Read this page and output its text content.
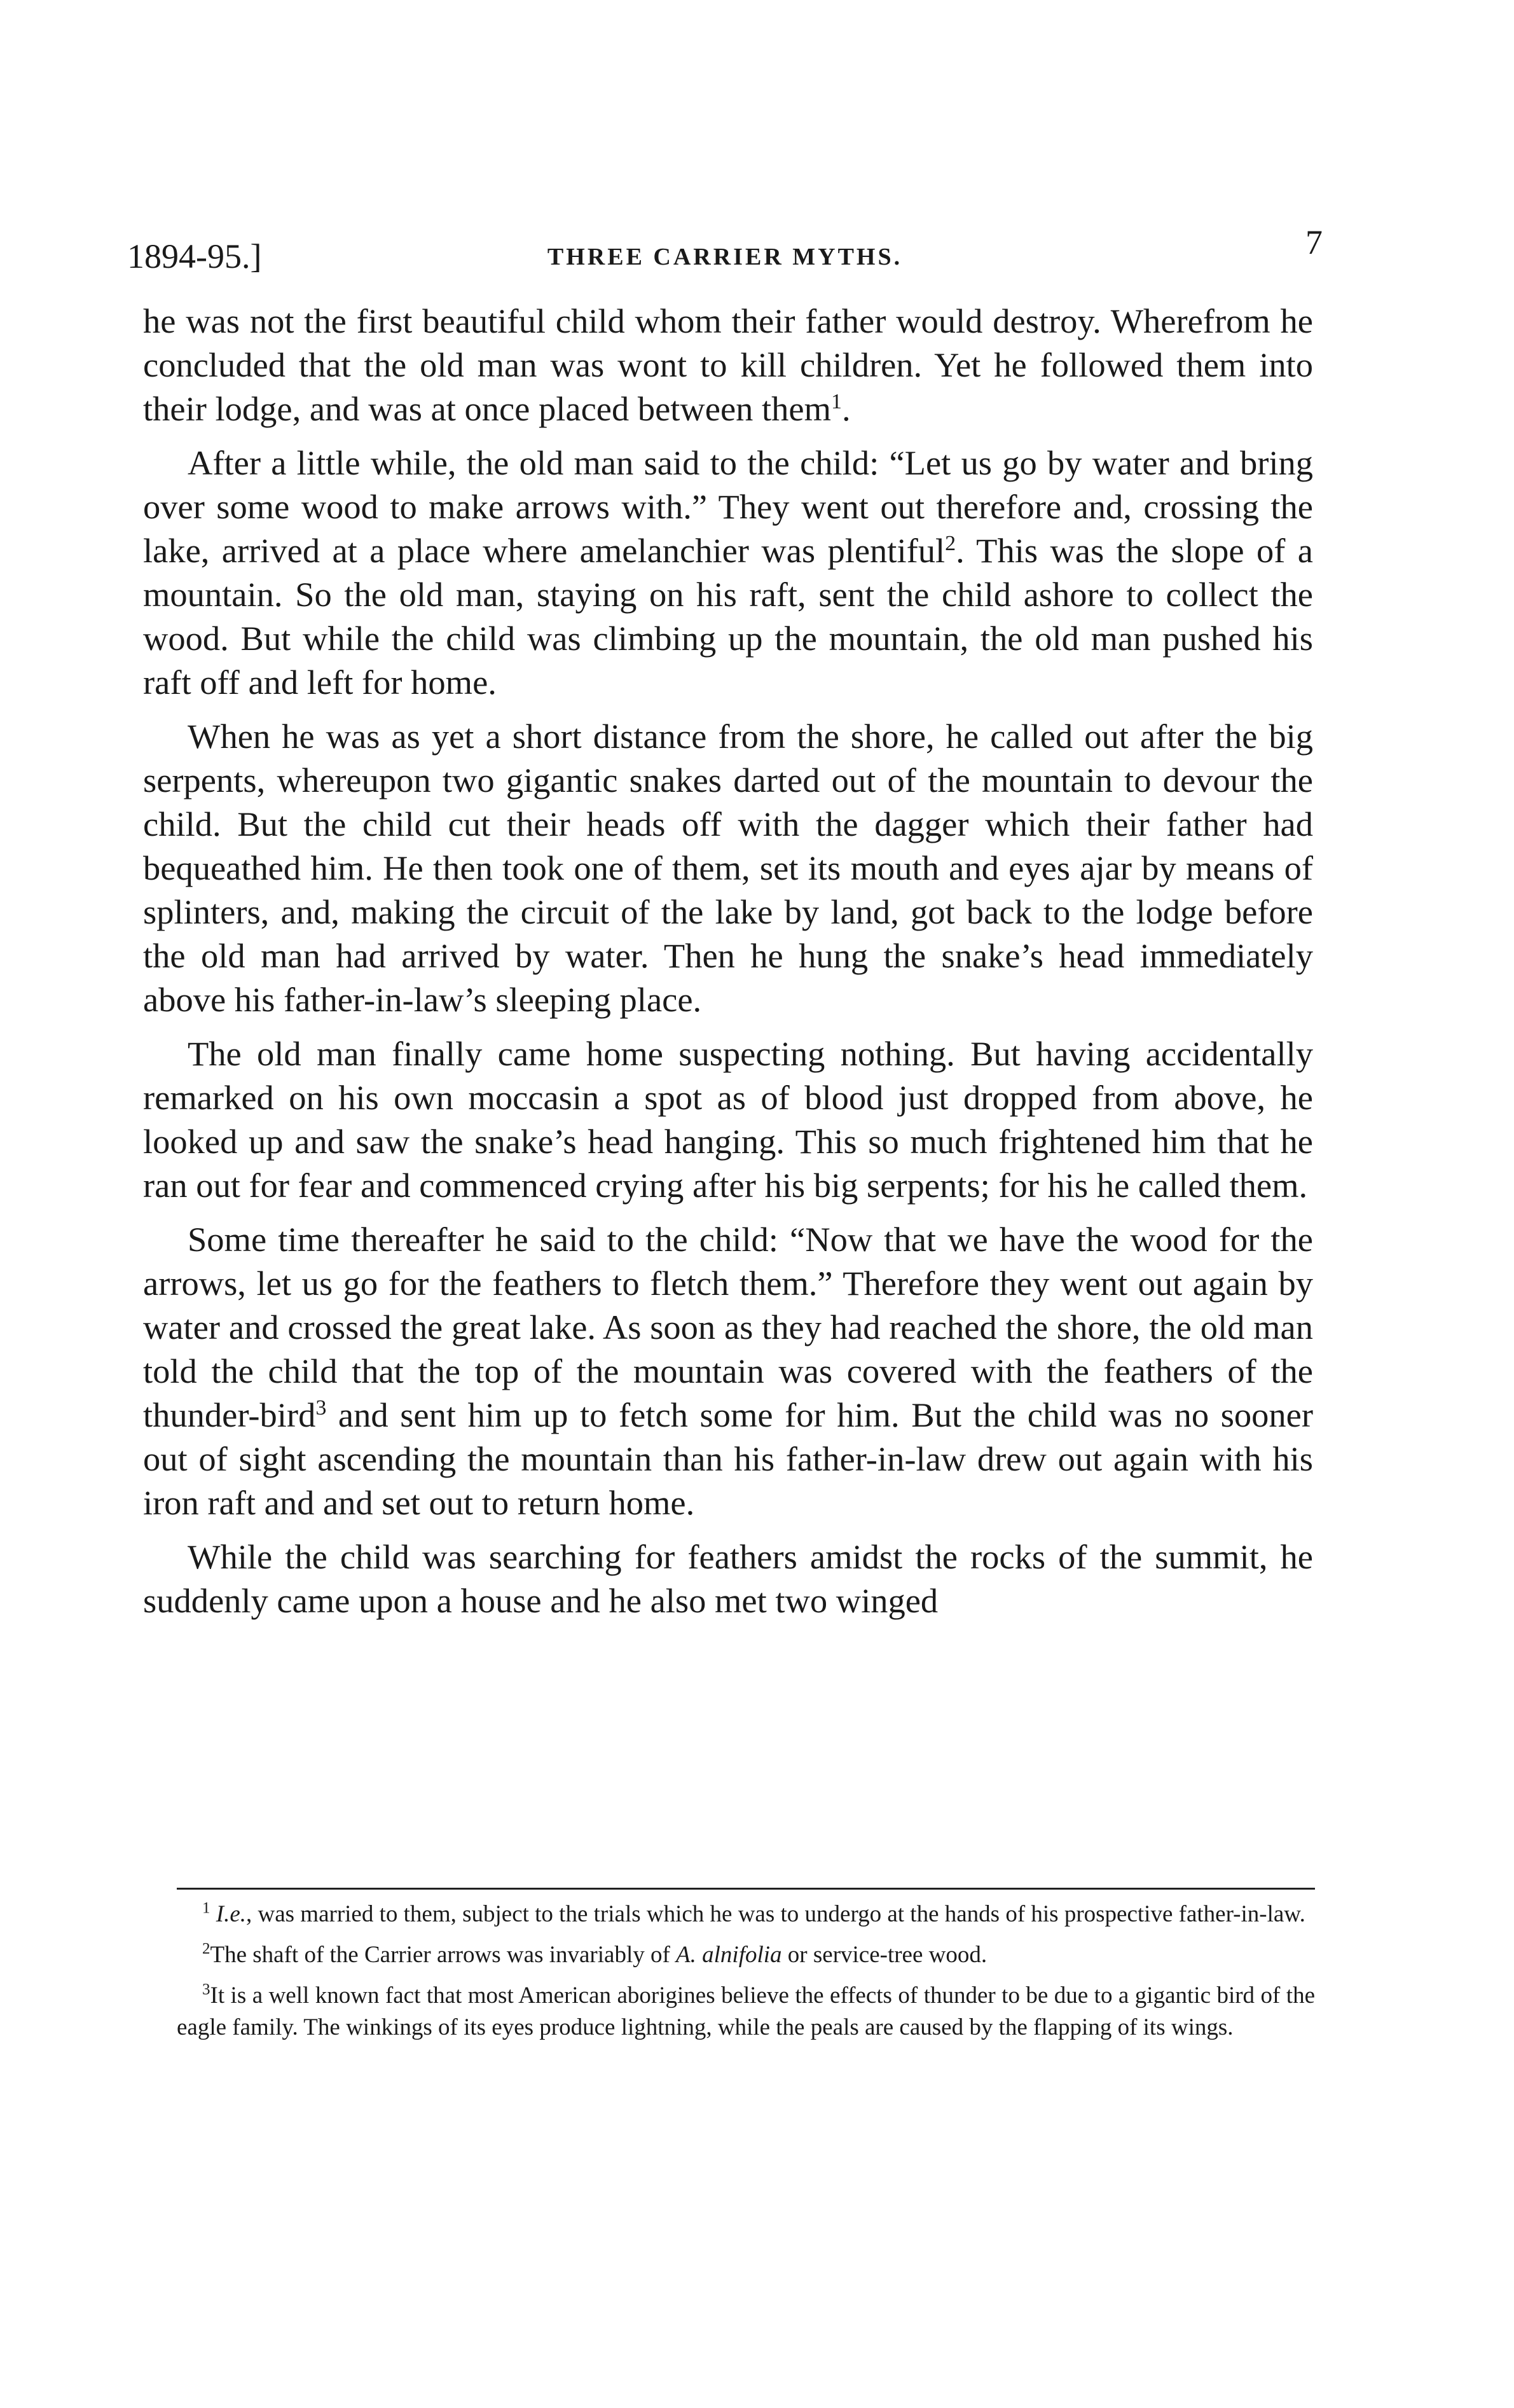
1894-95.]	THREE CARRIER MYTHS.	7

he was not the first beautiful child whom their father would destroy. Wherefrom he concluded that the old man was wont to kill children. Yet he followed them into their lodge, and was at once placed between them$^1$.

After a little while, the old man said to the child: “Let us go by water and bring over some wood to make arrows with.” They went out therefore and, crossing the lake, arrived at a place where amelanchier was plentiful$^2$. This was the slope of a mountain. So the old man, staying on his raft, sent the child ashore to collect the wood. But while the child was climbing up the mountain, the old man pushed his raft off and left for home.

When he was as yet a short distance from the shore, he called out after the big serpents, whereupon two gigantic snakes darted out of the mountain to devour the child. But the child cut their heads off with the dagger which their father had bequeathed him. He then took one of them, set its mouth and eyes ajar by means of splinters, and, making the circuit of the lake by land, got back to the lodge before the old man had arrived by water. Then he hung the snake’s head immediately above his father-in-law’s sleeping place.

The old man finally came home suspecting nothing. But having accidentally remarked on his own moccasin a spot as of blood just dropped from above, he looked up and saw the snake’s head hanging. This so much frightened him that he ran out for fear and commenced crying after his big serpents; for his he called them.

Some time thereafter he said to the child: “Now that we have the wood for the arrows, let us go for the feathers to fletch them.” Therefore they went out again by water and crossed the great lake. As soon as they had reached the shore, the old man told the child that the top of the mountain was covered with the feathers of the thunder-bird$^3$ and sent him up to fetch some for him. But the child was no sooner out of sight ascending the mountain than his father-in-law drew out again with his iron raft and and set out to return home.

While the child was searching for feathers amidst the rocks of the summit, he suddenly came upon a house and he also met two winged

$^1$ I.e., was married to them, subject to the trials which he was to undergo at the hands of his prospective father-in-law.

$^2$The shaft of the Carrier arrows was invariably of A. alnifolia or service-tree wood.

$^3$It is a well known fact that most American aborigines believe the effects of thunder to be due to a gigantic bird of the eagle family. The winkings of its eyes produce lightning, while the peals are caused by the flapping of its wings.
